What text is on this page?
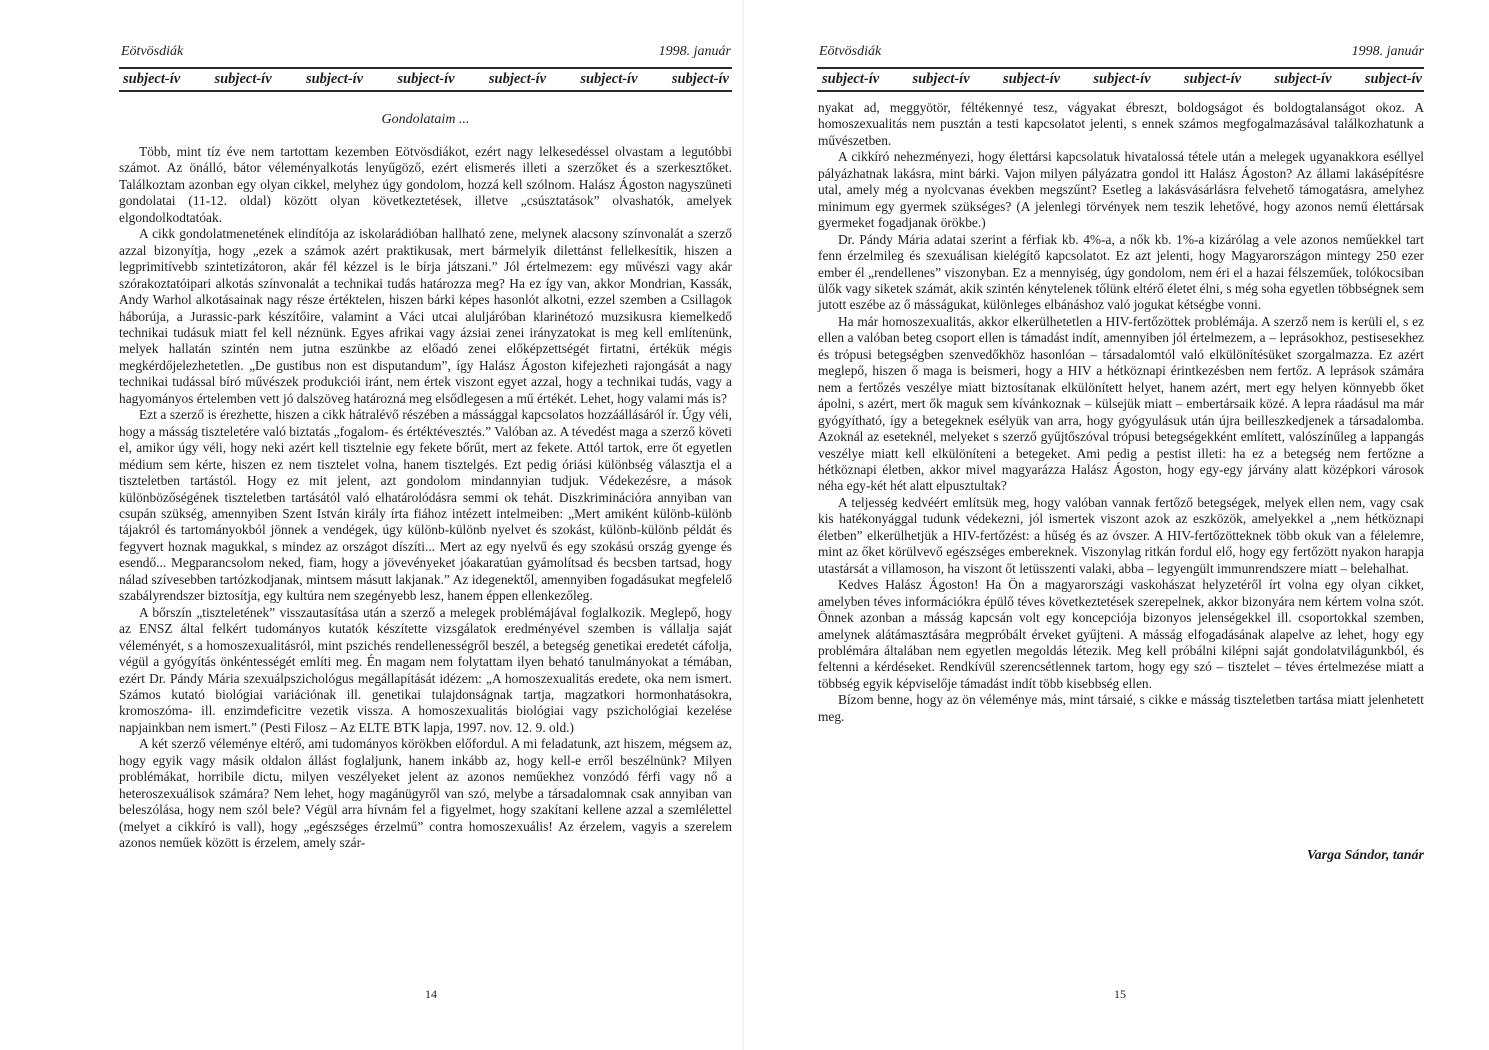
Eötvösdiák	1998. január
subject-ív subject-ív subject-ív subject-ív subject-ív subject-ív subject-ív
Gondolataim ...

Több, mint tíz éve nem tartottam kezemben Eötvösdiákot, ezért nagy lelkesedéssel olvastam a legutóbbi számot. Az önálló, bátor véleményalkotás lenyűgöző, ezért elismerés illeti a szerzőket és a szerkesztőket. Találkoztam azonban egy olyan cikkel, melyhez úgy gondolom, hozzá kell szólnom. Halász Ágoston nagyszüneti gondolatai (11-12. oldal) között olyan következtetések, illetve „csúsztatások” olvashatók, amelyek elgondolkodtatóak.

A cikk gondolatmenetének elindítója az iskolarádióban hallható zene, melynek alacsony színvonalát a szerző azzal bizonyítja, hogy „ezek a számok azért praktikusak, mert bármelyik dilettánst fellelkesítik, hiszen a legprimitívebb szintetizátoron, akár fél kézzel is le bírja játszani.” Jól értelmezem: egy művészi vagy akár szórakoztatóipari alkotás színvonalát a technikai tudás határozza meg? Ha ez így van, akkor Mondrian, Kassák, Andy Warhol alkotásainak nagy része értéktelen, hiszen bárki képes hasonlót alkotni, ezzel szemben a Csillagok háborúja, a Jurassic-park készítőire, valamint a Váci utcai aluljáróban klarinétozó muzsikusra kiemelkedő technikai tudásuk miatt fel kell néznünk. Egyes afrikai vagy ázsiai zenei irányzatokat is meg kell említenünk, melyek hallatán szintén nem jutna eszünkbe az előadó zenei előképzettségét firtatni, értékük mégis megkérdőjelezhetetlen. „De gustibus non est disputandum”, így Halász Ágoston kifejezheti rajongását a nagy technikai tudással bíró művészek produkciói iránt, nem értek viszont egyet azzal, hogy a technikai tudás, vagy a hagyományos értelemben vett jó dalszöveg határozná meg elsődlegesen a mű értékét. Lehet, hogy valami más is?

Ezt a szerző is érezhette, hiszen a cikk hátralévő részében a mássággal kapcsolatos hozzáállásáról ír. Úgy véli, hogy a másság tiszteletére való biztatás „fogalom- és értéktévesztés.” Valóban az. A tévedést maga a szerző követi el, amikor úgy véli, hogy neki azért kell tisztelnie egy fekete bőrűt, mert az fekete. Attól tartok, erre őt egyetlen médium sem kérte, hiszen ez nem tisztelet volna, hanem tisztelgés. Ezt pedig óriási különbség választja el a tiszteletben tartástól. Hogy ez mit jelent, azt gondolom mindannyian tudjuk. Védekezésre, a mások különbözőségének tiszteletben tartásától való elhatárolódásra semmi ok tehát. Diszkriminációra annyiban van csupán szükség, amennyiben Szent István király írta fiához intézett intelmeiben: „Mert amiként különb-különb tájakról és tartományokból jönnek a vendégek, úgy különb-különb nyelvet és szokást, különb-különb példát és fegyvert hoznak magukkal, s mindez az országot díszíti... Mert az egy nyelvű és egy szokású ország gyenge és esendő... Megparancsolom neked, fiam, hogy a jövevényeket jóakaratúan gyámolítsad és becsben tartsad, hogy nálad szívesebben tartózkodjanak, mintsem másutt lakjanak.” Az idegenektől, amennyiben fogadásukat megfelelő szabályrendszer biztosítja, egy kultúra nem szegényebb lesz, hanem éppen ellenkezőleg.

A bőrszín „tiszteletének” visszautasítása után a szerző a melegek problémájával foglalkozik. Meglepő, hogy az ENSZ által felkért tudományos kutatók készítette vizsgálatok eredményével szemben is vállalja saját véleményét, s a homoszexualitásról, mint pszichés rendellenességről beszél, a betegség genetikai eredetét cáfolja, végül a gyógyítás önkéntességét említi meg. Én magam nem folytattam ilyen beható tanulmányokat a témában, ezért Dr. Pándy Mária szexuálpszichológus megállapítását idézem: „A homoszexualitás eredete, oka nem ismert. Számos kutató biológiai variációnak ill. genetikai tulajdonságnak tartja, magzatkori hormonhatásokra, kromoszóma- ill. enzimdeficitre vezetik vissza. A homoszexualitás biológiai vagy pszichológiai kezelése napjainkban nem ismert.” (Pesti Filosz – Az ELTE BTK lapja, 1997. nov. 12. 9. old.)

A két szerző véleménye eltérő, ami tudományos körökben előfordul. A mi feladatunk, azt hiszem, mégsem az, hogy egyik vagy másik oldalon állást foglaljunk, hanem inkább az, hogy kell-e erről beszélnünk? Milyen problémákat, horribile dictu, milyen veszélyeket jelent az azonos neműekhez vonzódó férfi vagy nő a heteroszexuálisok számára? Nem lehet, hogy magánügyről van szó, melybe a társadalomnak csak annyiban van beleszólása, hogy nem szól bele? Végül arra hívnám fel a figyelmet, hogy szakítani kellene azzal a szemlélettel (melyet a cikkíró is vall), hogy „egészséges érzelmű” contra homoszexuális! Az érzelem, vagyis a szerelem azonos neműek között is érzelem, amely szár-

14
Eötvösdiák	1998. január
subject-ív subject-ív subject-ív subject-ív subject-ív subject-ív subject-ív

nyakat ad, meggyötör, féltékennyé tesz, vágyakat ébreszt, boldogságot és boldogtalanságot okoz. A homoszexualitás nem pusztán a testi kapcsolatot jelenti, s ennek számos megfogalmazásával találkozhatunk a művészetben.

A cikkíró nehezményezi, hogy élettársi kapcsolatuk hivatalossá tétele után a melegek ugyanakkora eséllyel pályázhatnak lakásra, mint bárki. Vajon milyen pályázatra gondol itt Halász Ágoston? Az állami lakásépítésre utal, amely még a nyolcvanas években megszűnt? Esetleg a lakásvásárlásra felvehető támogatásra, amelyhez minimum egy gyermek szükséges? (A jelenlegi törvények nem teszik lehetővé, hogy azonos nemű élettársak gyermeket fogadjanak örökbe.)

Dr. Pándy Mária adatai szerint a férfiak kb. 4%-a, a nők kb. 1%-a kizárólag a vele azonos neműekkel tart fenn érzelmileg és szexuálisan kielégítő kapcsolatot. Ez azt jelenti, hogy Magyarországon mintegy 250 ezer ember él „rendellenes” viszonyban. Ez a mennyiség, úgy gondolom, nem éri el a hazai félszeműek, tolókocsiban ülők vagy siketek számát, akik szintén kénytelenek tőlünk eltérő életet élni, s még soha egyetlen többségnek sem jutott eszébe az ő másságukat, különleges elbánáshoz való jogukat kétségbe vonni.

Ha már homoszexualitás, akkor elkerülhetetlen a HIV-fertőzöttek problémája. A szerző nem is kerüli el, s ez ellen a valóban beteg csoport ellen is támadást indít, amennyiben jól értelmezem, a – leprásokhoz, pestisesekhez és trópusi betegségben szenvedőkhöz hasonlóan – társadalomtól való elkülönítésüket szorgalmazza. Ez azért meglepő, hiszen ő maga is beismeri, hogy a HIV a hétköznapi érintkezésben nem fertőz. A leprások számára nem a fertőzés veszélye miatt biztosítanak elkülönített helyet, hanem azért, mert egy helyen könnyebb őket ápolni, s azért, mert ők maguk sem kívánkoznak – külsejük miatt – embertársaik közé. A lepra ráadásul ma már gyógyítható, így a betegeknek esélyük van arra, hogy gyógyulásuk után újra beilleszkedjenek a társadalomba. Azoknál az eseteknél, melyeket s szerző gyűjtőszóval trópusi betegségekként említett, valószínűleg a lappangás veszélye miatt kell elkülöníteni a betegeket. Ami pedig a pestist illeti: ha ez a betegség nem fertőzne a hétköznapi életben, akkor mivel magyarázza Halász Ágoston, hogy egy-egy járvány alatt középkori városok néha egy-két hét alatt elpusztultak?

A teljesség kedvéért említsük meg, hogy valóban vannak fertőző betegségek, melyek ellen nem, vagy csak kis hatékonyággal tudunk védekezni, jól ismertek viszont azok az eszközök, amelyekkel a „nem hétköznapi életben” elkerülhetjük a HIV-fertőzést: a hűség és az óvszer. A HIV-fertőzötteknek több okuk van a félelemre, mint az őket körülvevő egészséges embereknek. Viszonylag ritkán fordul elő, hogy egy fertőzött nyakon harapja utastársát a villamoson, ha viszont őt letüsszenti valaki, abba – legyengült immunrendszere miatt – belehalhat.

Kedves Halász Ágoston! Ha Ön a magyarországi vaskohászat helyzetéről írt volna egy olyan cikket, amelyben téves információkra épülő téves következtetések szerepelnek, akkor bizonyára nem kértem volna szót. Önnek azonban a másság kapcsán volt egy koncepciója bizonyos jelenségekkel ill. csoportokkal szemben, amelynek alátámasztására megpróbált érveket gyűjteni. A másság elfogadásának alapelve az lehet, hogy egy problémára általában nem egyetlen megoldás létezik. Meg kell próbálni kilépni saját gondolatvilágunkból, és feltenni a kérdéseket. Rendkívül szerencsétlennek tartom, hogy egy szó – tisztelet – téves értelmezése miatt a többség egyik képviselője támadást indít több kisebbség ellen.

Bízom benne, hogy az ön véleménye más, mint társaié, s cikke e másság tiszteletben tartása miatt jelenhetett meg.

Varga Sándor, tanár
15
